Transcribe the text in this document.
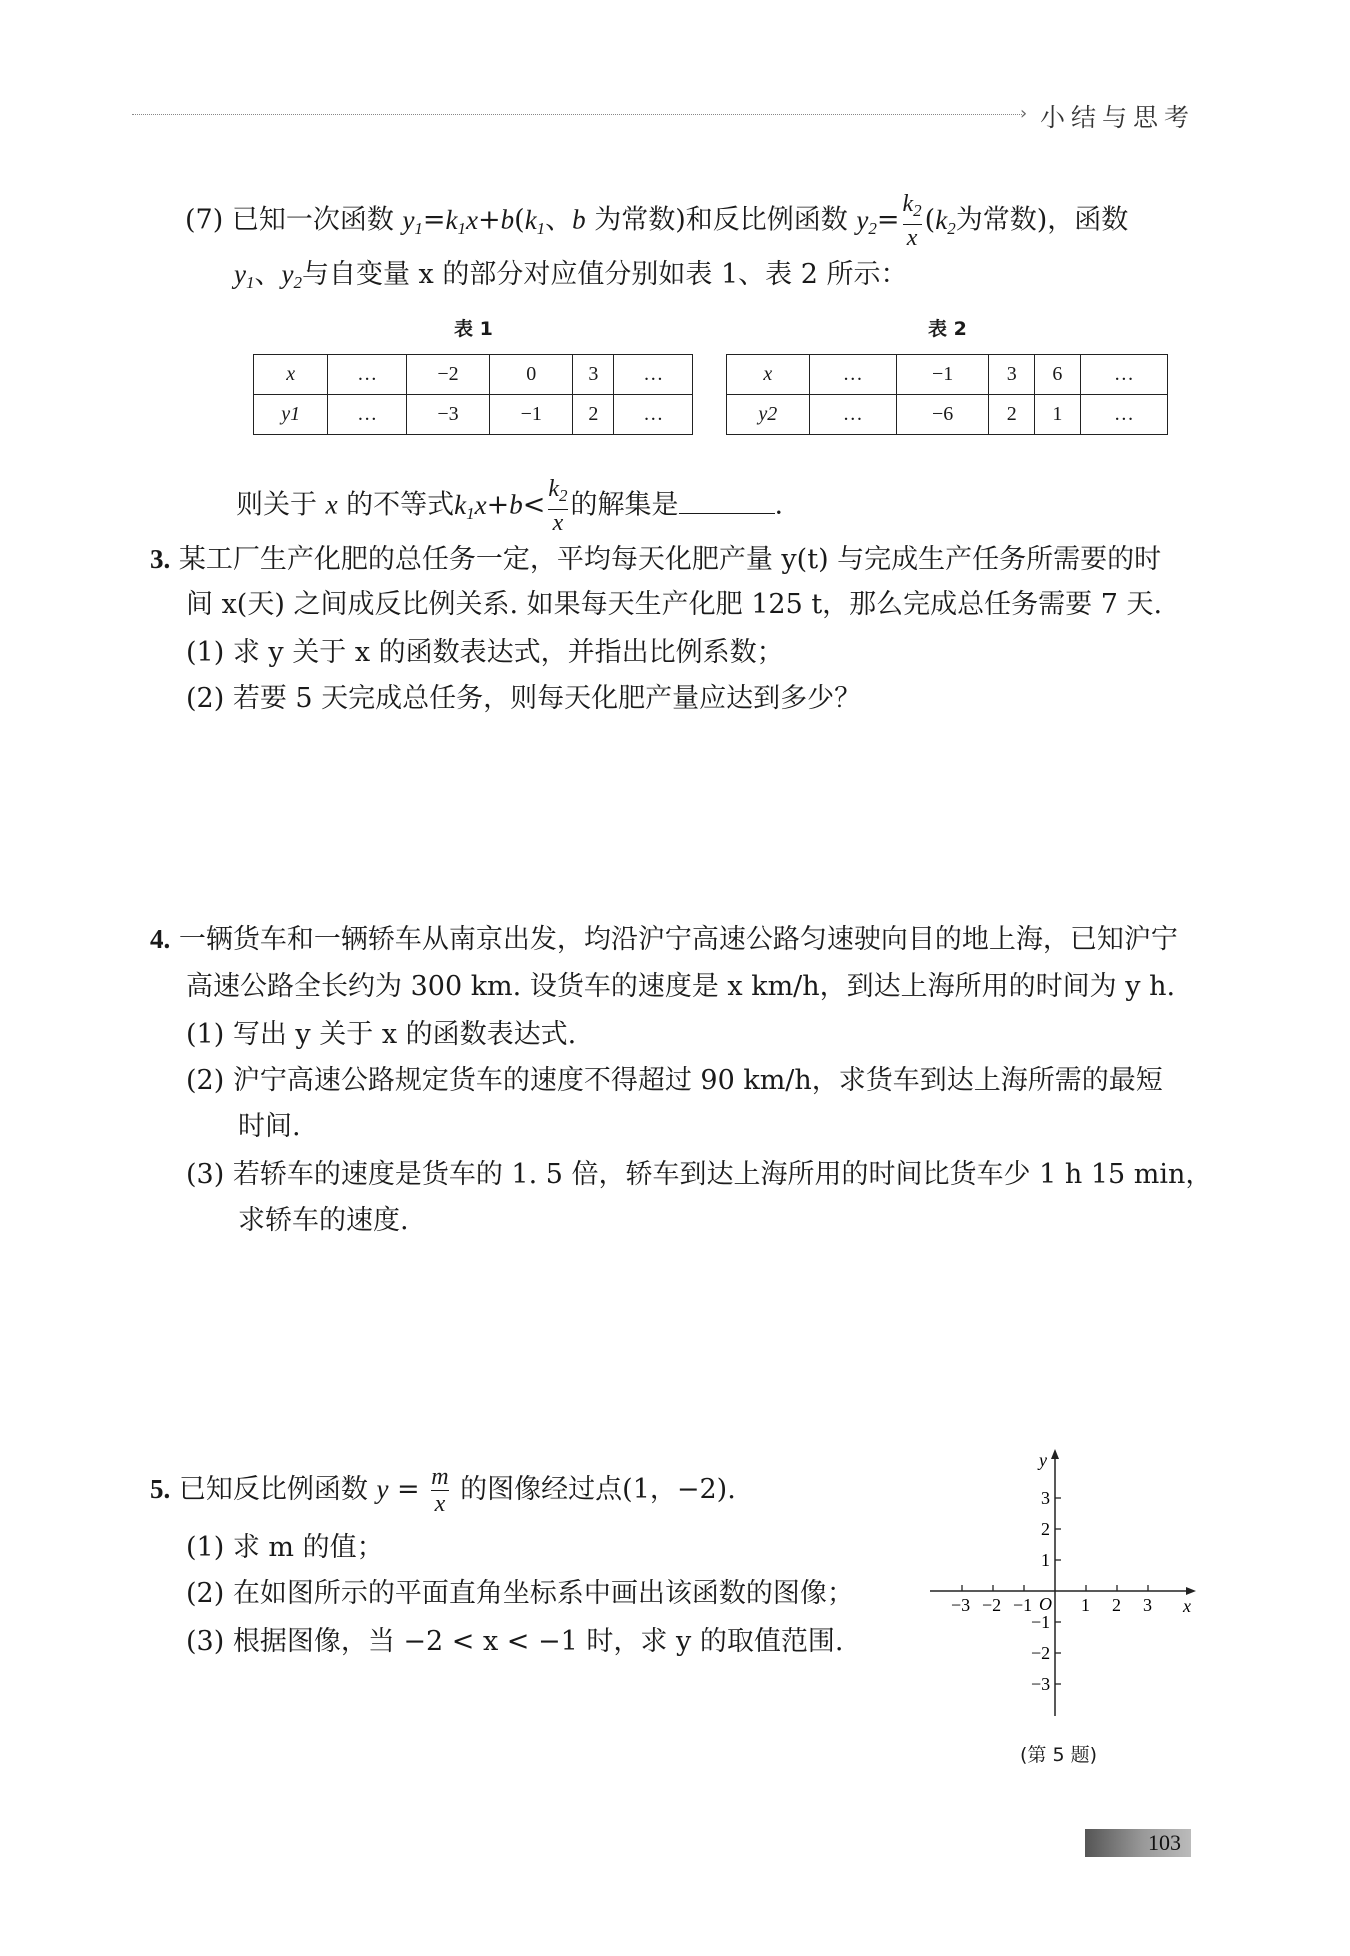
› 小结与思考
(7) 已知一次函数 $y_1=k_1x+b(k_1$、b 为常数)和反比例函数 $y_2= \frac{k_2}{x} (k_2$为常数)，函数
$y_1$、$y_2$与自变量 x 的部分对应值分别如表 1、表 2 所示：
表 1
x	…	−2	0	3	…
y1	…	−3	−1	2	…
表 2
x	…	−1	3	6	…
y2	…	−6	2	1	…
则关于 x 的不等式$k_1x+b< \frac{k_2}{x}$ 的解集是	.
3. 某工厂生产化肥的总任务一定，平均每天化肥产量 y(t) 与完成生产任务所需要的时
间 x(天) 之间成反比例关系. 如果每天生产化肥 125 t，那么完成总任务需要 7 天.
(1) 求 y 关于 x 的函数表达式，并指出比例系数；
(2) 若要 5 天完成总任务，则每天化肥产量应达到多少？
4. 一辆货车和一辆轿车从南京出发，均沿沪宁高速公路匀速驶向目的地上海，已知沪宁
高速公路全长约为 300 km. 设货车的速度是 x km/h，到达上海所用的时间为 y h.
(1) 写出 y 关于 x 的函数表达式.
(2) 沪宁高速公路规定货车的速度不得超过 90 km/h，求货车到达上海所需的最短
时间.
(3) 若轿车的速度是货车的 1. 5 倍，轿车到达上海所用的时间比货车少 1 h 15 min，
求轿车的速度.
5. 已知反比例函数 $y = \frac{m}{x}$ 的图像经过点(1，−2).
(1) 求 m 的值；
(2) 在如图所示的平面直角坐标系中画出该函数的图像；
(3) 根据图像，当 −2 < x < −1 时，求 y 的取值范围.
−3 −2 −1	1 2 3
3
2
1
−1
−2
−3
x
y
O
(第 5 题)
103
